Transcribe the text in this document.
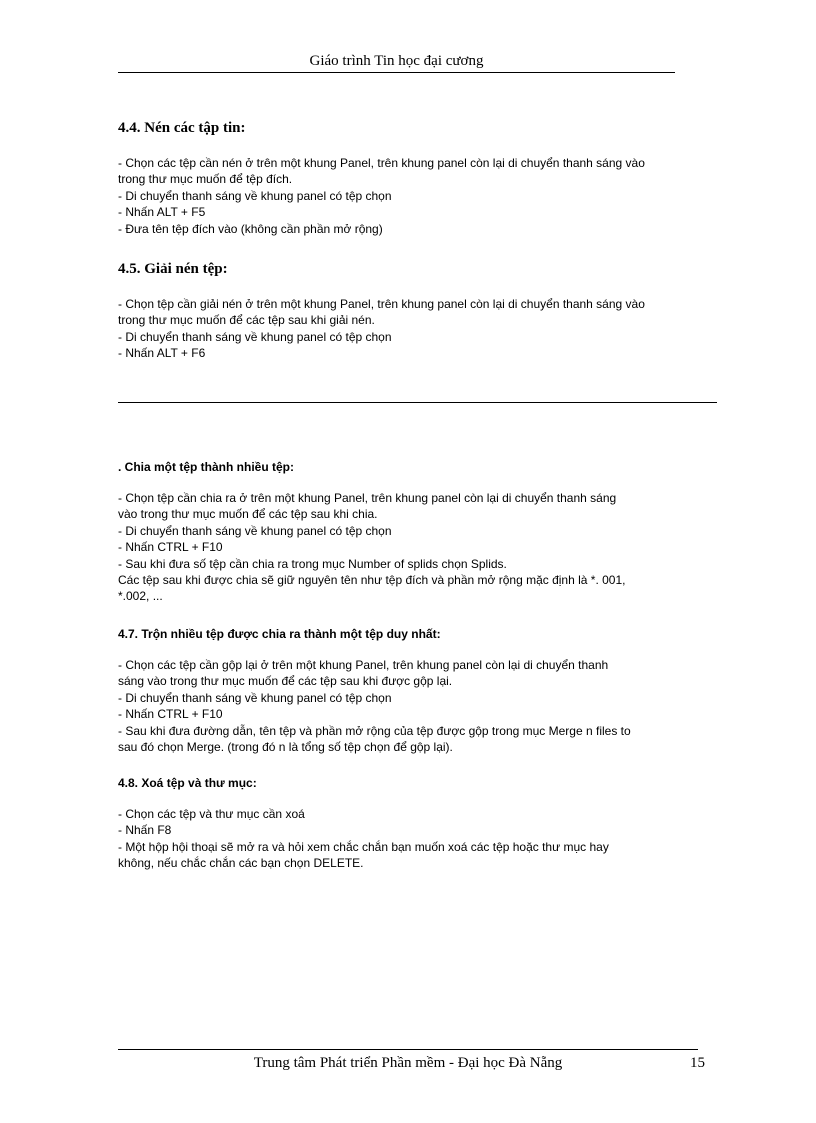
Giáo trình Tin học đại cương
4.4. Nén các tập tin:

- Chọn các tệp cần nén ở trên một khung Panel, trên khung panel còn lại di chuyển thanh sáng vào

trong thư mục muốn để tệp đích.

- Di chuyển thanh sáng về khung panel có tệp chọn

- Nhấn ALT + F5

- Đưa tên tệp đích vào (không cần phần mở rộng)

4.5. Giải nén tệp:

- Chọn tệp cần giải nén ở trên một khung Panel, trên khung panel còn lại di chuyển thanh sáng vào

trong thư mục muốn để các tệp sau khi giải nén.

- Di chuyển thanh sáng về khung panel có tệp chọn

- Nhấn ALT + F6

. Chia một tệp thành nhiều tệp:

- Chọn tệp cần chia ra ở trên một khung Panel, trên khung panel còn lại di chuyển thanh sáng

vào trong thư mục muốn để các tệp sau khi chia.

- Di chuyển thanh sáng về khung panel có tệp chọn

- Nhấn CTRL + F10

- Sau khi đưa số tệp cần chia ra trong mục Number of splids chọn Splids.

Các tệp sau khi được chia sẽ giữ nguyên tên như tệp đích và phần mở rộng mặc định là *. 001,

*.002, ...

4.7. Trộn nhiều tệp được chia ra thành một tệp duy nhất:

- Chọn các tệp cần gộp lại ở trên một khung Panel, trên khung panel còn lại di chuyển thanh

sáng vào trong thư mục muốn để các tệp sau khi được gộp lại.

- Di chuyển thanh sáng về khung panel có tệp chọn

- Nhấn CTRL + F10

- Sau khi đưa đường dẫn, tên tệp và phần mở rộng của tệp được gộp trong mục Merge n files to

sau đó chọn Merge. (trong đó n là tổng số tệp chọn để gộp lại).

4.8. Xoá tệp và thư mục:

- Chọn các tệp và thư mục cần xoá

- Nhấn F8

- Một hộp hội thoại sẽ mở ra và hỏi xem chắc chắn bạn muốn xoá các tệp hoặc thư mục hay

không, nếu chắc chắn các bạn chọn DELETE.

Trung tâm Phát triển Phần mềm - Đại học Đà Nẵng	15
